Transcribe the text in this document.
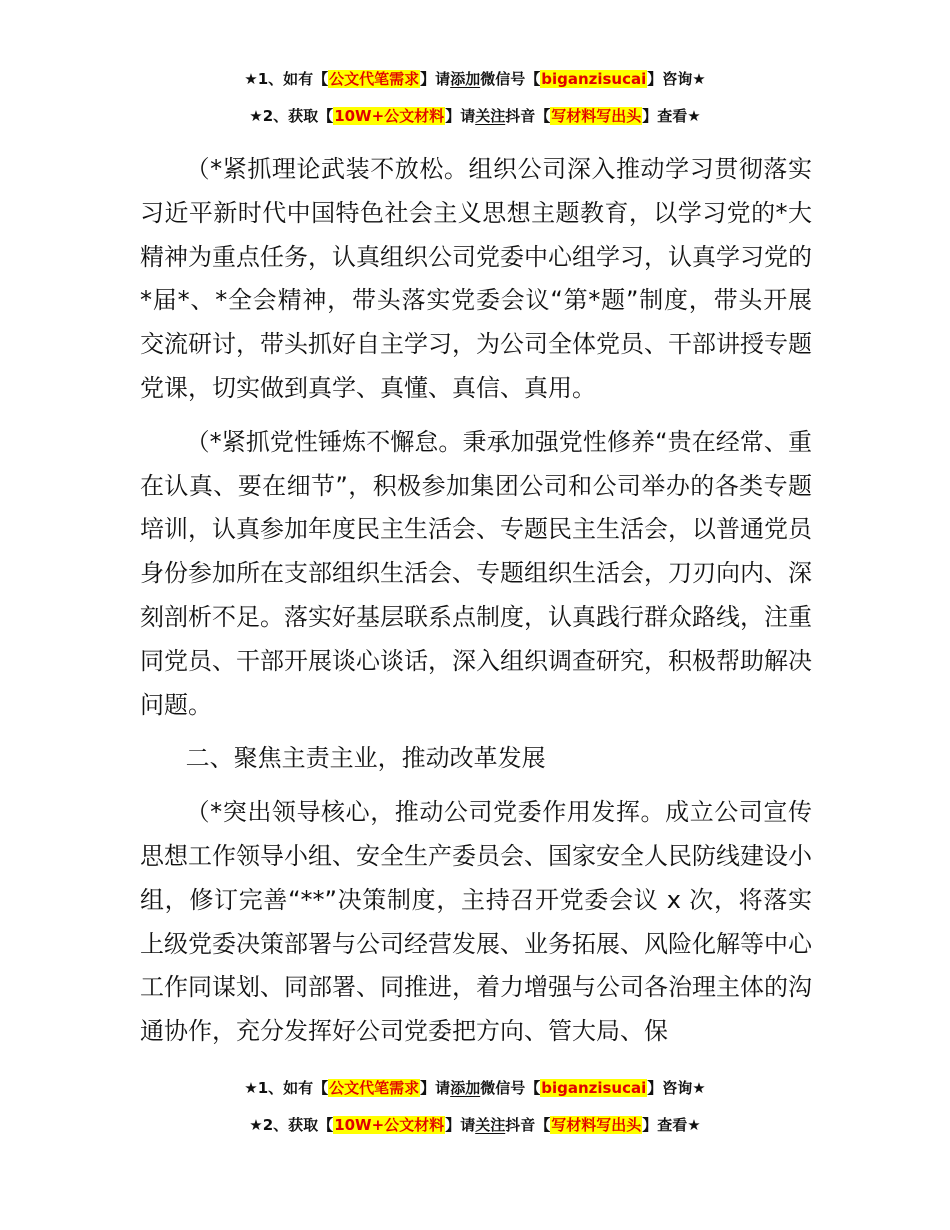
★1、如有【公文代笔需求】请添加微信号【biganzisucai】咨询★
★2、获取【10W+公文材料】请关注抖音【写材料写出头】查看★

（*紧抓理论武装不放松。组织公司深入推动学习贯彻落实习近平新时代中国特色社会主义思想主题教育，以学习党的*大精神为重点任务，认真组织公司党委中心组学习，认真学习党的*届*、*全会精神，带头落实党委会议“第*题”制度，带头开展交流研讨，带头抓好自主学习，为公司全体党员、干部讲授专题党课，切实做到真学、真懂、真信、真用。

（*紧抓党性锤炼不懈怠。秉承加强党性修养“贵在经常、重在认真、要在细节”，积极参加集团公司和公司举办的各类专题培训，认真参加年度民主生活会、专题民主生活会，以普通党员身份参加所在支部组织生活会、专题组织生活会，刀刃向内、深刻剖析不足。落实好基层联系点制度，认真践行群众路线，注重同党员、干部开展谈心谈话，深入组织调查研究，积极帮助解决问题。

二、聚焦主责主业，推动改革发展

（*突出领导核心，推动公司党委作用发挥。成立公司宣传思想工作领导小组、安全生产委员会、国家安全人民防线建设小组，修订完善“**”决策制度，主持召开党委会议 x 次，将落实上级党委决策部署与公司经营发展、业务拓展、风险化解等中心工作同谋划、同部署、同推进，着力增强与公司各治理主体的沟通协作，充分发挥好公司党委把方向、管大局、保

★1、如有【公文代笔需求】请添加微信号【biganzisucai】咨询★
★2、获取【10W+公文材料】请关注抖音【写材料写出头】查看★
